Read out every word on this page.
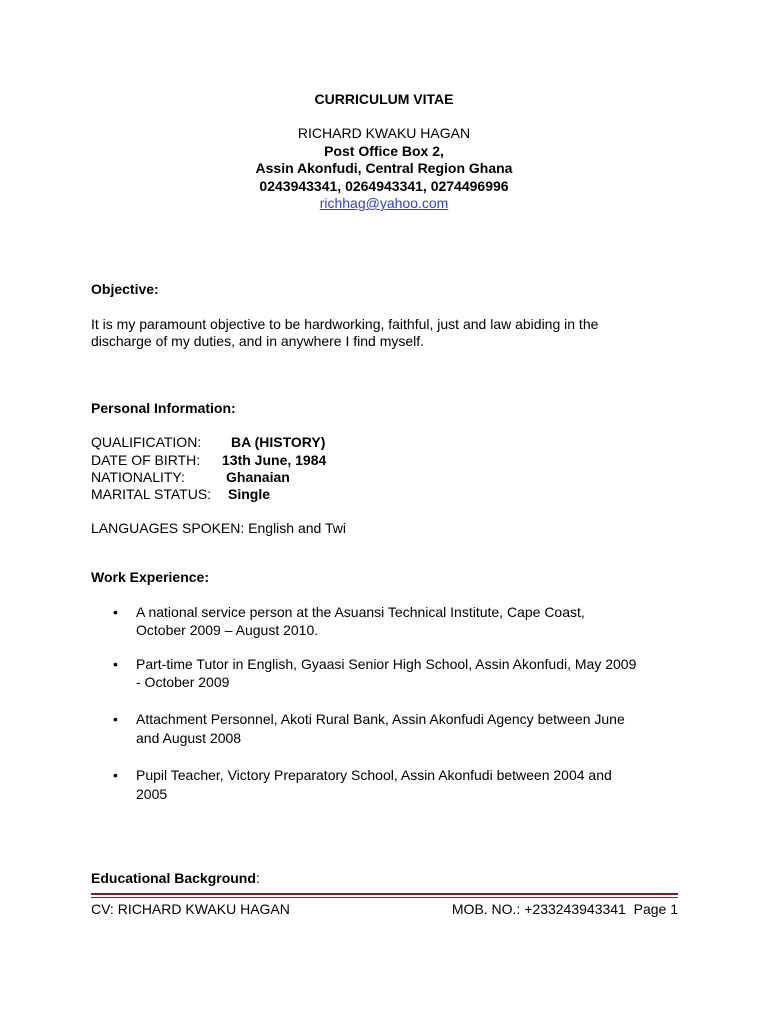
CURRICULUM VITAE
RICHARD KWAKU HAGAN
Post Office Box 2,
Assin Akonfudi, Central Region Ghana
0243943341, 0264943341, 0274496996
richhag@yahoo.com
Objective:
It is my paramount objective to be hardworking, faithful, just and law abiding in the
discharge of my duties, and in anywhere I find myself.
Personal Information:
QUALIFICATION: BA (HISTORY)
DATE OF BIRTH: 13th June, 1984
NATIONALITY:	Ghanaian
MARITAL STATUS: Single
LANGUAGES SPOKEN: English and Twi
Work Experience:
• A national service person at the Asuansi Technical Institute, Cape Coast,
October 2009 – August 2010.
• Part-time Tutor in English, Gyaasi Senior High School, Assin Akonfudi, May 2009
- October 2009
• Attachment Personnel, Akoti Rural Bank, Assin Akonfudi Agency between June
and August 2008
• Pupil Teacher, Victory Preparatory School, Assin Akonfudi between 2004 and
2005
Educational Background:
CV: RICHARD KWAKU HAGAN	MOB. NO.: +233243943341  Page 1
